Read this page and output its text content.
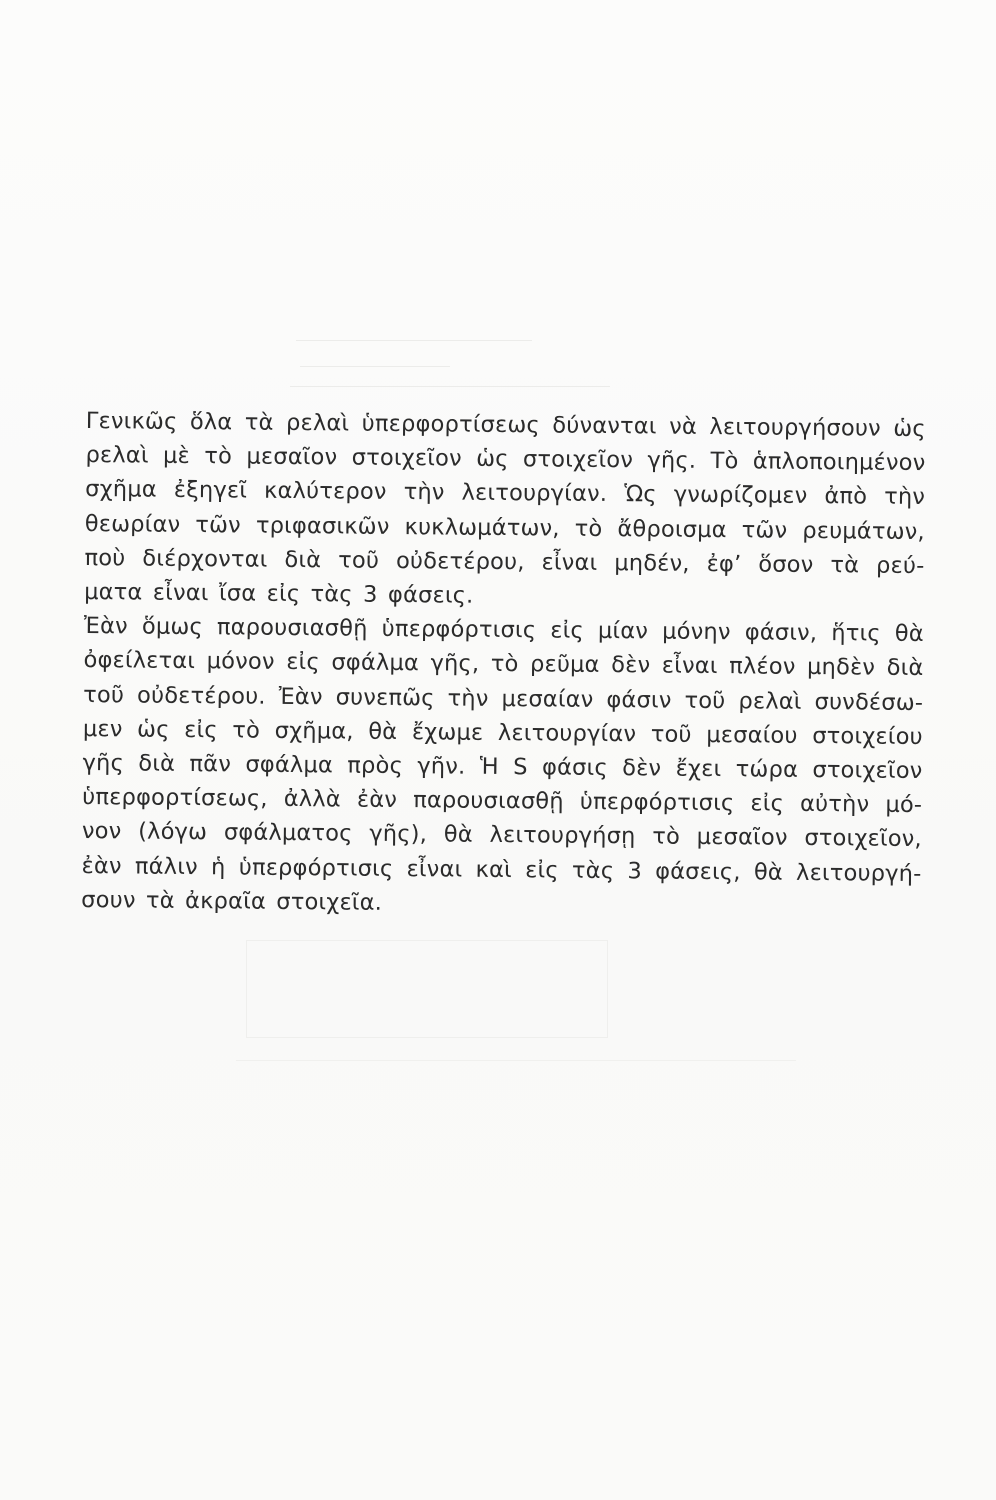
Γενικῶς ὅλα τὰ ρελαὶ ὑπερφορτίσεως δύνανται νὰ λειτουργήσουν ὡς
ρελαὶ μὲ τὸ μεσαῖον στοιχεῖον ὡς στοιχεῖον γῆς. Τὸ ἁπλοποιημένον
σχῆμα ἐξηγεῖ καλύτερον τὴν λειτουργίαν. Ὡς γνωρίζομεν ἀπὸ τὴν
θεωρίαν τῶν τριφασικῶν κυκλωμάτων, τὸ ἄθροισμα τῶν ρευμάτων,
ποὺ διέρχονται διὰ τοῦ οὐδετέρου, εἶναι μηδέν, ἐφ’ ὅσον τὰ ρεύ-
ματα εἶναι ἴσα εἰς τὰς 3 φάσεις.
Ἐὰν ὅμως παρουσιασθῇ ὑπερφόρτισις εἰς μίαν μόνην φάσιν, ἥτις θὰ
ὀφείλεται μόνον εἰς σφάλμα γῆς, τὸ ρεῦμα δὲν εἶναι πλέον μηδὲν διὰ
τοῦ οὐδετέρου. Ἐὰν συνεπῶς τὴν μεσαίαν φάσιν τοῦ ρελαὶ συνδέσω-
μεν ὡς εἰς τὸ σχῆμα, θὰ ἔχωμε λειτουργίαν τοῦ μεσαίου στοιχείου
γῆς διὰ πᾶν σφάλμα πρὸς γῆν. Ἡ S φάσις δὲν ἔχει τώρα στοιχεῖον
ὑπερφορτίσεως, ἀλλὰ ἐὰν παρουσιασθῇ ὑπερφόρτισις εἰς αὐτὴν μό-
νον (λόγω σφάλματος γῆς), θὰ λειτουργήσῃ τὸ μεσαῖον στοιχεῖον,
ἐὰν πάλιν ἡ ὑπερφόρτισις εἶναι καὶ εἰς τὰς 3 φάσεις, θὰ λειτουργή-
σουν τὰ ἀκραῖα στοιχεῖα.
